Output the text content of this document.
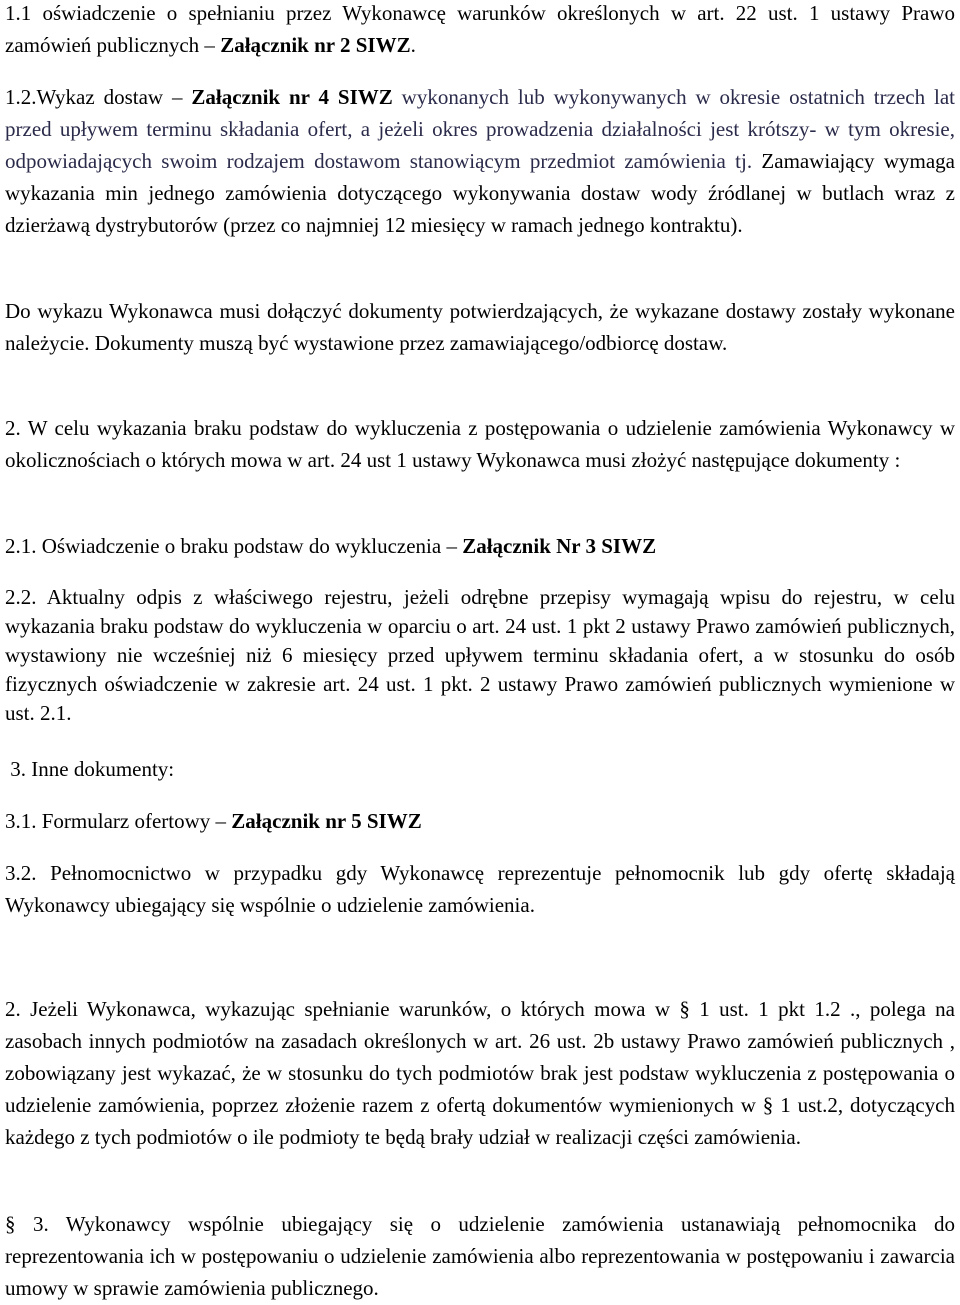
1.1 oświadczenie o spełnianiu przez Wykonawcę warunków określonych w art. 22 ust. 1 ustawy Prawo zamówień publicznych – Załącznik nr 2 SIWZ.

1.2.Wykaz dostaw – Załącznik nr 4 SIWZ wykonanych lub wykonywanych w okresie ostatnich trzech lat przed upływem terminu składania ofert, a jeżeli okres prowadzenia działalności jest krótszy- w tym okresie, odpowiadających swoim rodzajem dostawom stanowiącym przedmiot zamówienia tj. Zamawiający wymaga wykazania min jednego zamówienia dotyczącego wykonywania dostaw wody źródlanej w butlach wraz z dzierżawą dystrybutorów (przez co najmniej 12 miesięcy w ramach jednego kontraktu).

Do wykazu Wykonawca musi dołączyć dokumenty potwierdzających, że wykazane dostawy zostały wykonane należycie. Dokumenty muszą być wystawione przez zamawiającego/odbiorcę dostaw.

2. W celu wykazania braku podstaw do wykluczenia z postępowania o udzielenie zamówienia Wykonawcy w okolicznościach o których mowa w art. 24 ust 1 ustawy Wykonawca musi złożyć następujące dokumenty :

2.1. Oświadczenie o braku podstaw do wykluczenia – Załącznik Nr 3 SIWZ

2.2. Aktualny odpis z właściwego rejestru, jeżeli odrębne przepisy wymagają wpisu do rejestru, w celu wykazania braku podstaw do wykluczenia w oparciu o art. 24 ust. 1 pkt 2 ustawy Prawo zamówień publicznych, wystawiony nie wcześniej niż 6 miesięcy przed upływem terminu składania ofert, a w stosunku do osób fizycznych oświadczenie w zakresie art. 24 ust. 1 pkt. 2 ustawy Prawo zamówień publicznych wymienione w ust. 2.1.

3. Inne dokumenty:

3.1. Formularz ofertowy – Załącznik nr 5 SIWZ

3.2. Pełnomocnictwo w przypadku gdy Wykonawcę reprezentuje pełnomocnik lub gdy ofertę składają Wykonawcy ubiegający się wspólnie o udzielenie zamówienia.

2. Jeżeli Wykonawca, wykazując spełnianie warunków, o których mowa w § 1 ust. 1 pkt 1.2 ., polega na zasobach innych podmiotów na zasadach określonych w art. 26 ust. 2b ustawy Prawo zamówień publicznych , zobowiązany jest wykazać, że w stosunku do tych podmiotów brak jest podstaw wykluczenia z postępowania o udzielenie zamówienia, poprzez złożenie razem z ofertą dokumentów wymienionych w § 1 ust.2, dotyczących każdego z tych podmiotów o ile podmioty te będą brały udział w realizacji części zamówienia.

§ 3. Wykonawcy wspólnie ubiegający się o udzielenie zamówienia ustanawiają pełnomocnika do reprezentowania ich w postępowaniu o udzielenie zamówienia albo reprezentowania w postępowaniu i zawarcia umowy w sprawie zamówienia publicznego.
